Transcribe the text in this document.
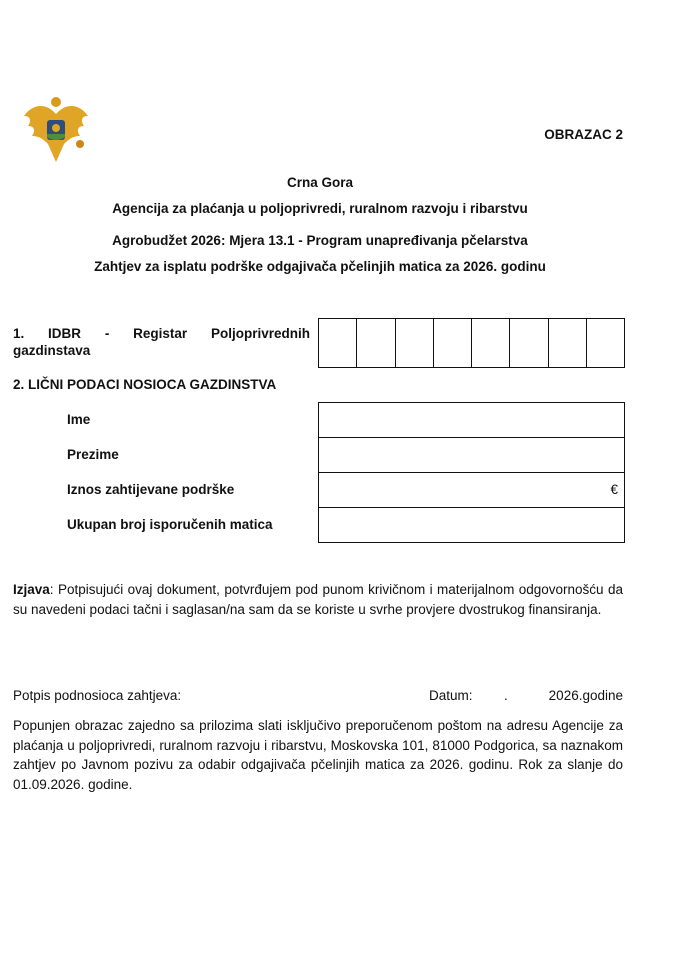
OBRAZAC 2
Crna Gora
Agencija za plaćanja u poljoprivredi, ruralnom razvoju i ribarstvu
Agrobudžet 2026: Mjera 13.1 - Program unapređivanja pčelarstva
Zahtjev za isplatu podrške odgajivača pčelinjih matica za 2026. godinu
1. IDBR - Registar Poljoprivrednih gazdinstava
2. LIČNI PODACI NOSIOCA GAZDINSTVA
Ime
Prezime
Iznos zahtijevane podrške
Ukupan broj isporučenih matica
€
Izjava: Potpisujući ovaj dokument, potvrđujem pod punom krivičnom i materijalnom odgovornošću da su navedeni podaci tačni i saglasan/na sam da se koriste u svrhe provjere dvostrukog finansiranja.
Potpis podnosioca zahtjeva:	Datum: .	2026.godine
Popunjen obrazac zajedno sa prilozima slati isključivo preporučenom poštom na adresu Agencije za plaćanja u poljoprivredi, ruralnom razvoju i ribarstvu, Moskovska 101, 81000 Podgorica, sa naznakom zahtjev po Javnom pozivu za odabir odgajivača pčelinjih matica za 2026. godinu. Rok za slanje do 01.09.2026. godine.
